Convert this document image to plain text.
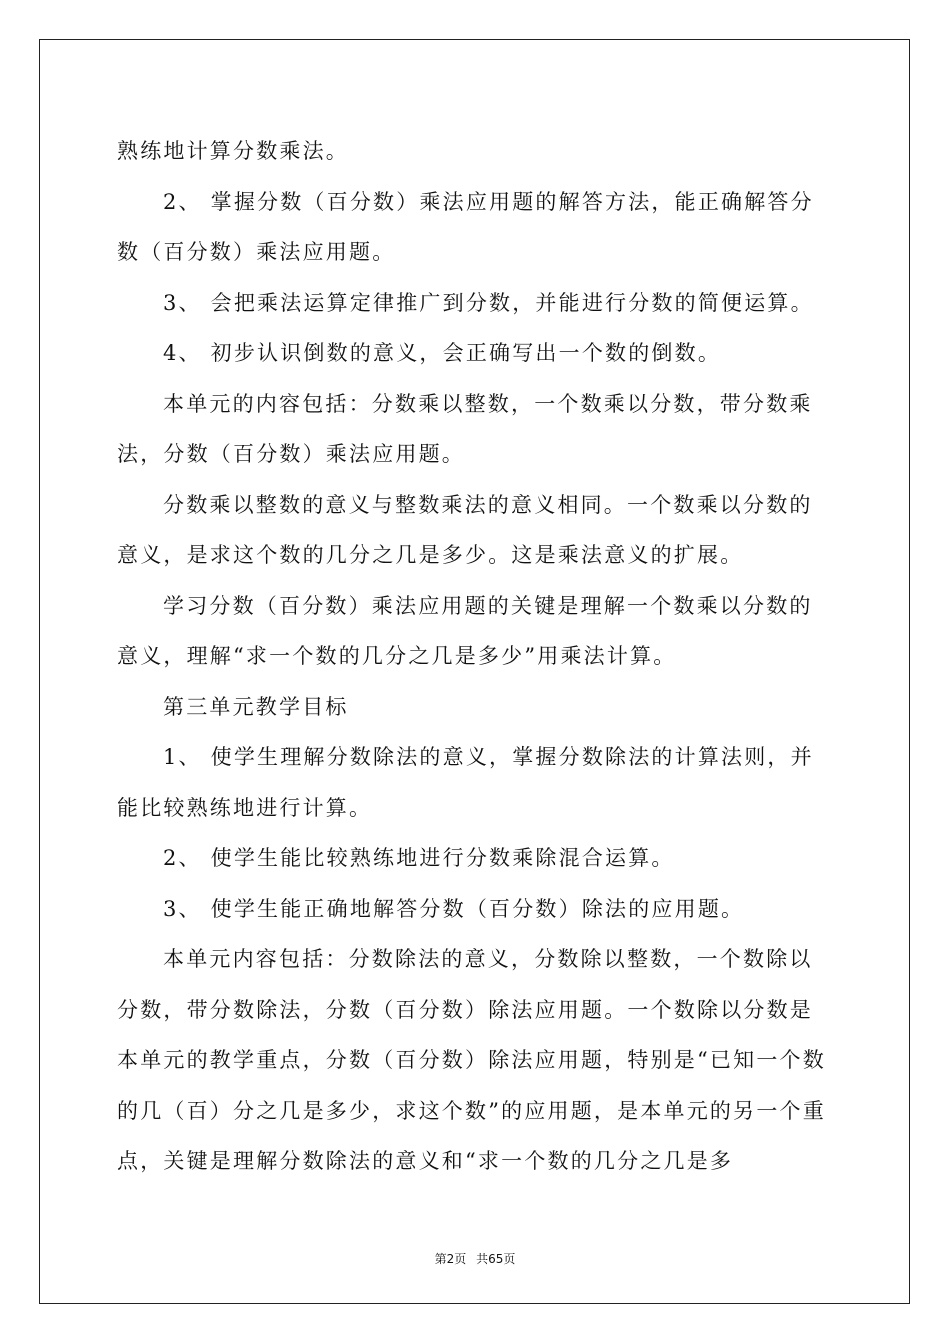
熟练地计算分数乘法。

2、 掌握分数（百分数）乘法应用题的解答方法，能正确解答分数（百分数）乘法应用题。

3、 会把乘法运算定律推广到分数，并能进行分数的简便运算。

4、 初步认识倒数的意义，会正确写出一个数的倒数。

本单元的内容包括：分数乘以整数，一个数乘以分数，带分数乘法，分数（百分数）乘法应用题。

分数乘以整数的意义与整数乘法的意义相同。一个数乘以分数的意义，是求这个数的几分之几是多少。这是乘法意义的扩展。

学习分数（百分数）乘法应用题的关键是理解一个数乘以分数的意义，理解“求一个数的几分之几是多少”用乘法计算。

第三单元教学目标

1、 使学生理解分数除法的意义，掌握分数除法的计算法则，并能比较熟练地进行计算。

2、 使学生能比较熟练地进行分数乘除混合运算。

3、 使学生能正确地解答分数（百分数）除法的应用题。

本单元内容包括：分数除法的意义，分数除以整数，一个数除以分数，带分数除法，分数（百分数）除法应用题。一个数除以分数是本单元的教学重点，分数（百分数）除法应用题，特别是“已知一个数的几（百）分之几是多少，求这个数”的应用题，是本单元的另一个重点，关键是理解分数除法的意义和“求一个数的几分之几是多

第2页 共65页
